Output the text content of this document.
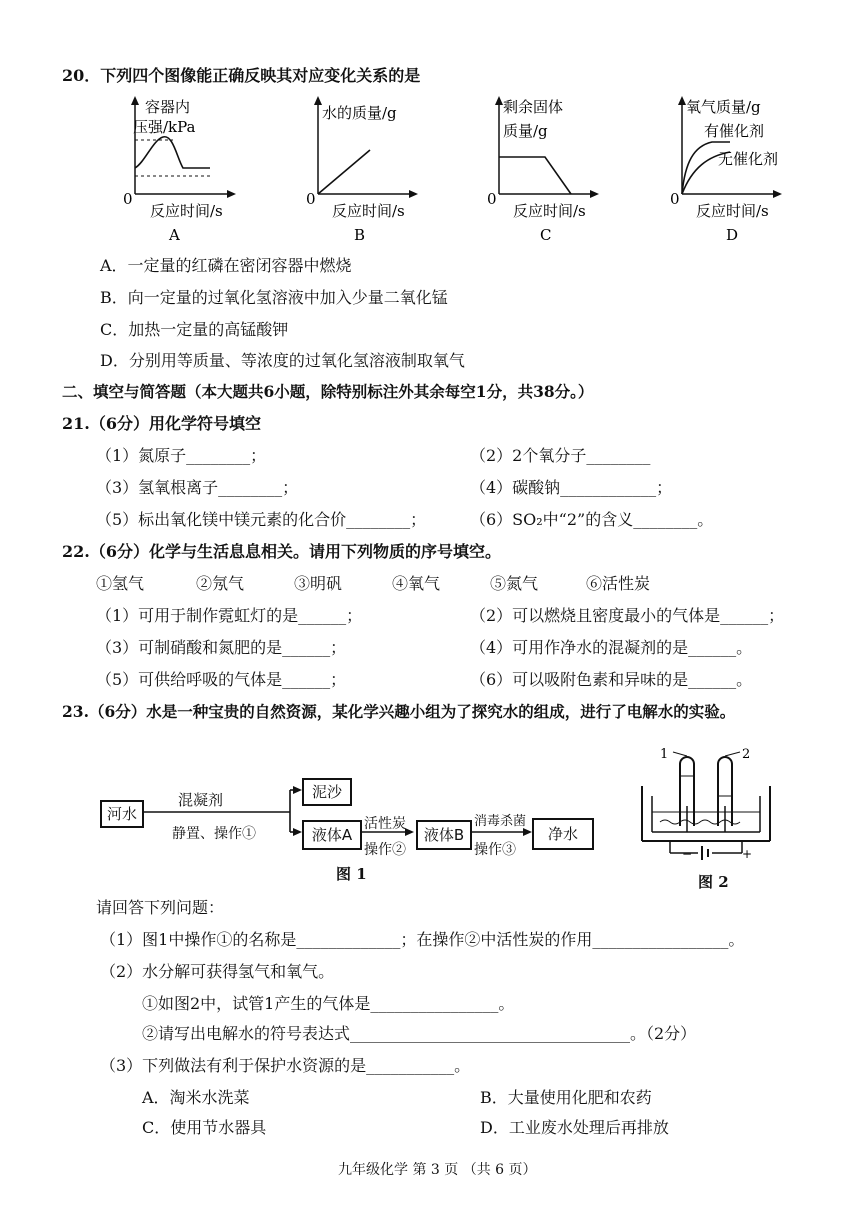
20．下列四个图像能正确反映其对应变化关系的是
容器内
压强/kPa
0
反应时间/s
A
水的质量/g
0
反应时间/s
B
剩余固体
质量/g
0
反应时间/s
C
氧气质量/g
有催化剂
无催化剂
0
反应时间/s
D
A．一定量的红磷在密闭容器中燃烧
B．向一定量的过氧化氢溶液中加入少量二氧化锰
C．加热一定量的高锰酸钾
D．分别用等质量、等浓度的过氧化氢溶液制取氧气
二、填空与简答题（本大题共6小题，除特别标注外其余每空1分，共38分。）
21.（6分）用化学符号填空
（1）氮原子________；	（2）2个氧分子________
（3）氢氧根离子________；	（4）碳酸钠____________；
（5）标出氧化镁中镁元素的化合价________；	（6）SO₂中“2”的含义________。
22.（6分）化学与生活息息相关。请用下列物质的序号填空。
①氢气	②氖气	③明矾	④氧气	⑤氮气	⑥活性炭
（1）可用于制作霓虹灯的是______；	（2）可以燃烧且密度最小的气体是______；
（3）可制硝酸和氮肥的是______；	（4）可用作净水的混凝剂的是______。
（5）可供给呼吸的气体是______；	（6）可以吸附色素和异味的是______。
23.（6分）水是一种宝贵的自然资源，某化学兴趣小组为了探究水的组成，进行了电解水的实验。
河水
混凝剂
静置、操作①
泥沙
液体A
活性炭
操作②
液体B
消毒杀菌
操作③
净水
图 1
−	+
1	2
图 2
请回答下列问题：
（1）图1中操作①的名称是_____________；在操作②中活性炭的作用_________________。
（2）水分解可获得氢气和氧气。
①如图2中，试管1产生的气体是________________。
②请写出电解水的符号表达式___________________________________。（2分）
（3）下列做法有利于保护水资源的是___________。
A．淘米水洗菜	B．大量使用化肥和农药
C．使用节水器具	D．工业废水处理后再排放
九年级化学 第 3 页 （共 6 页）
